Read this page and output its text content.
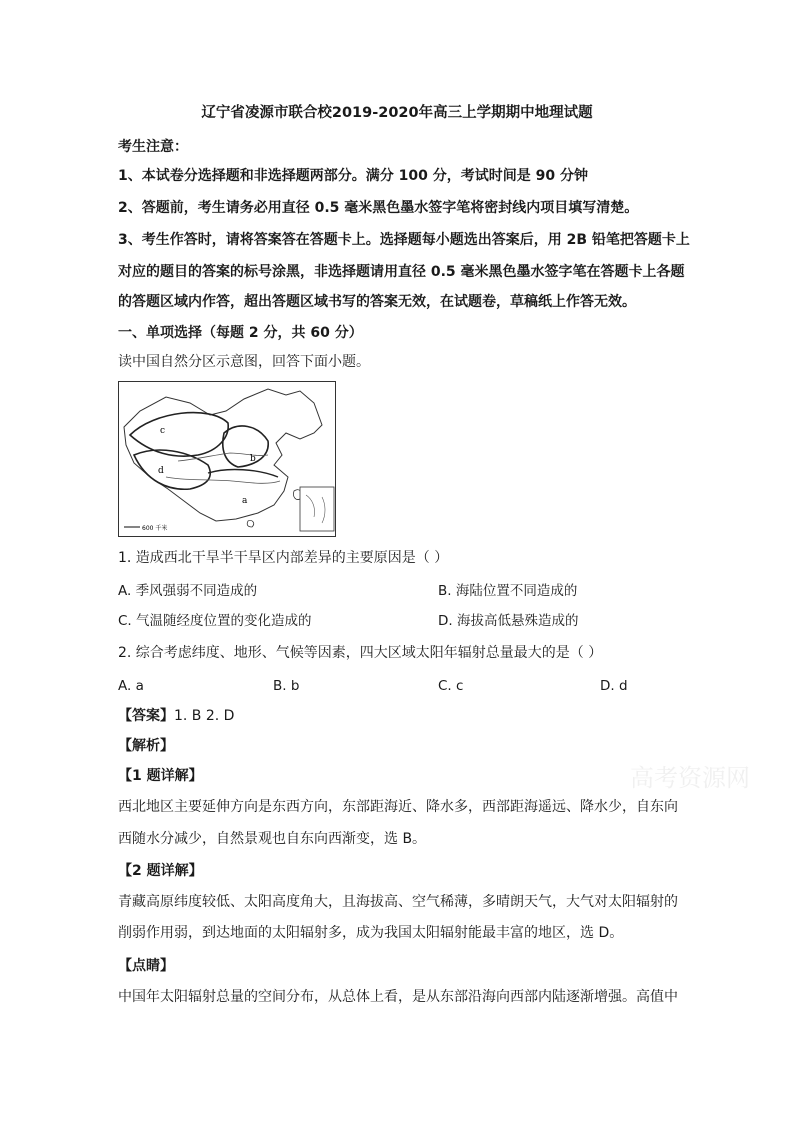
辽宁省凌源市联合校2019-2020年高三上学期期中地理试题
考生注意：
1、本试卷分选择题和非选择题两部分。满分 100 分，考试时间是 90 分钟
2、答题前，考生请务必用直径 0.5 毫米黑色墨水签字笔将密封线内项目填写清楚。
3、考生作答时，请将答案答在答题卡上。选择题每小题选出答案后，用 2B 铅笔把答题卡上
对应的题目的答案的标号涂黑，非选择题请用直径 0.5 毫米黑色墨水签字笔在答题卡上各题
的答题区域内作答，超出答题区域书写的答案无效，在试题卷，草稿纸上作答无效。
一、单项选择（每题 2 分，共 60 分）
读中国自然分区示意图，回答下面小题。
c
d
b
a
600 千米
1. 造成西北干旱半干旱区内部差异的主要原因是（ ）
A. 季风强弱不同造成的	B. 海陆位置不同造成的
C. 气温随经度位置的变化造成的	D. 海拔高低悬殊造成的
2. 综合考虑纬度、地形、气候等因素，四大区域太阳年辐射总量最大的是（ ）
A. a	B. b	C. c	D. d
【答案】1. B 2. D
【解析】
【1 题详解】
西北地区主要延伸方向是东西方向，东部距海近、降水多，西部距海遥远、降水少，自东向
西随水分减少，自然景观也自东向西渐变，选 B。
【2 题详解】
青藏高原纬度较低、太阳高度角大，且海拔高、空气稀薄，多晴朗天气，大气对太阳辐射的
削弱作用弱，到达地面的太阳辐射多，成为我国太阳辐射能最丰富的地区，选 D。
【点睛】
中国年太阳辐射总量的空间分布，从总体上看，是从东部沿海向西部内陆逐渐增强。高值中
高考资源网
